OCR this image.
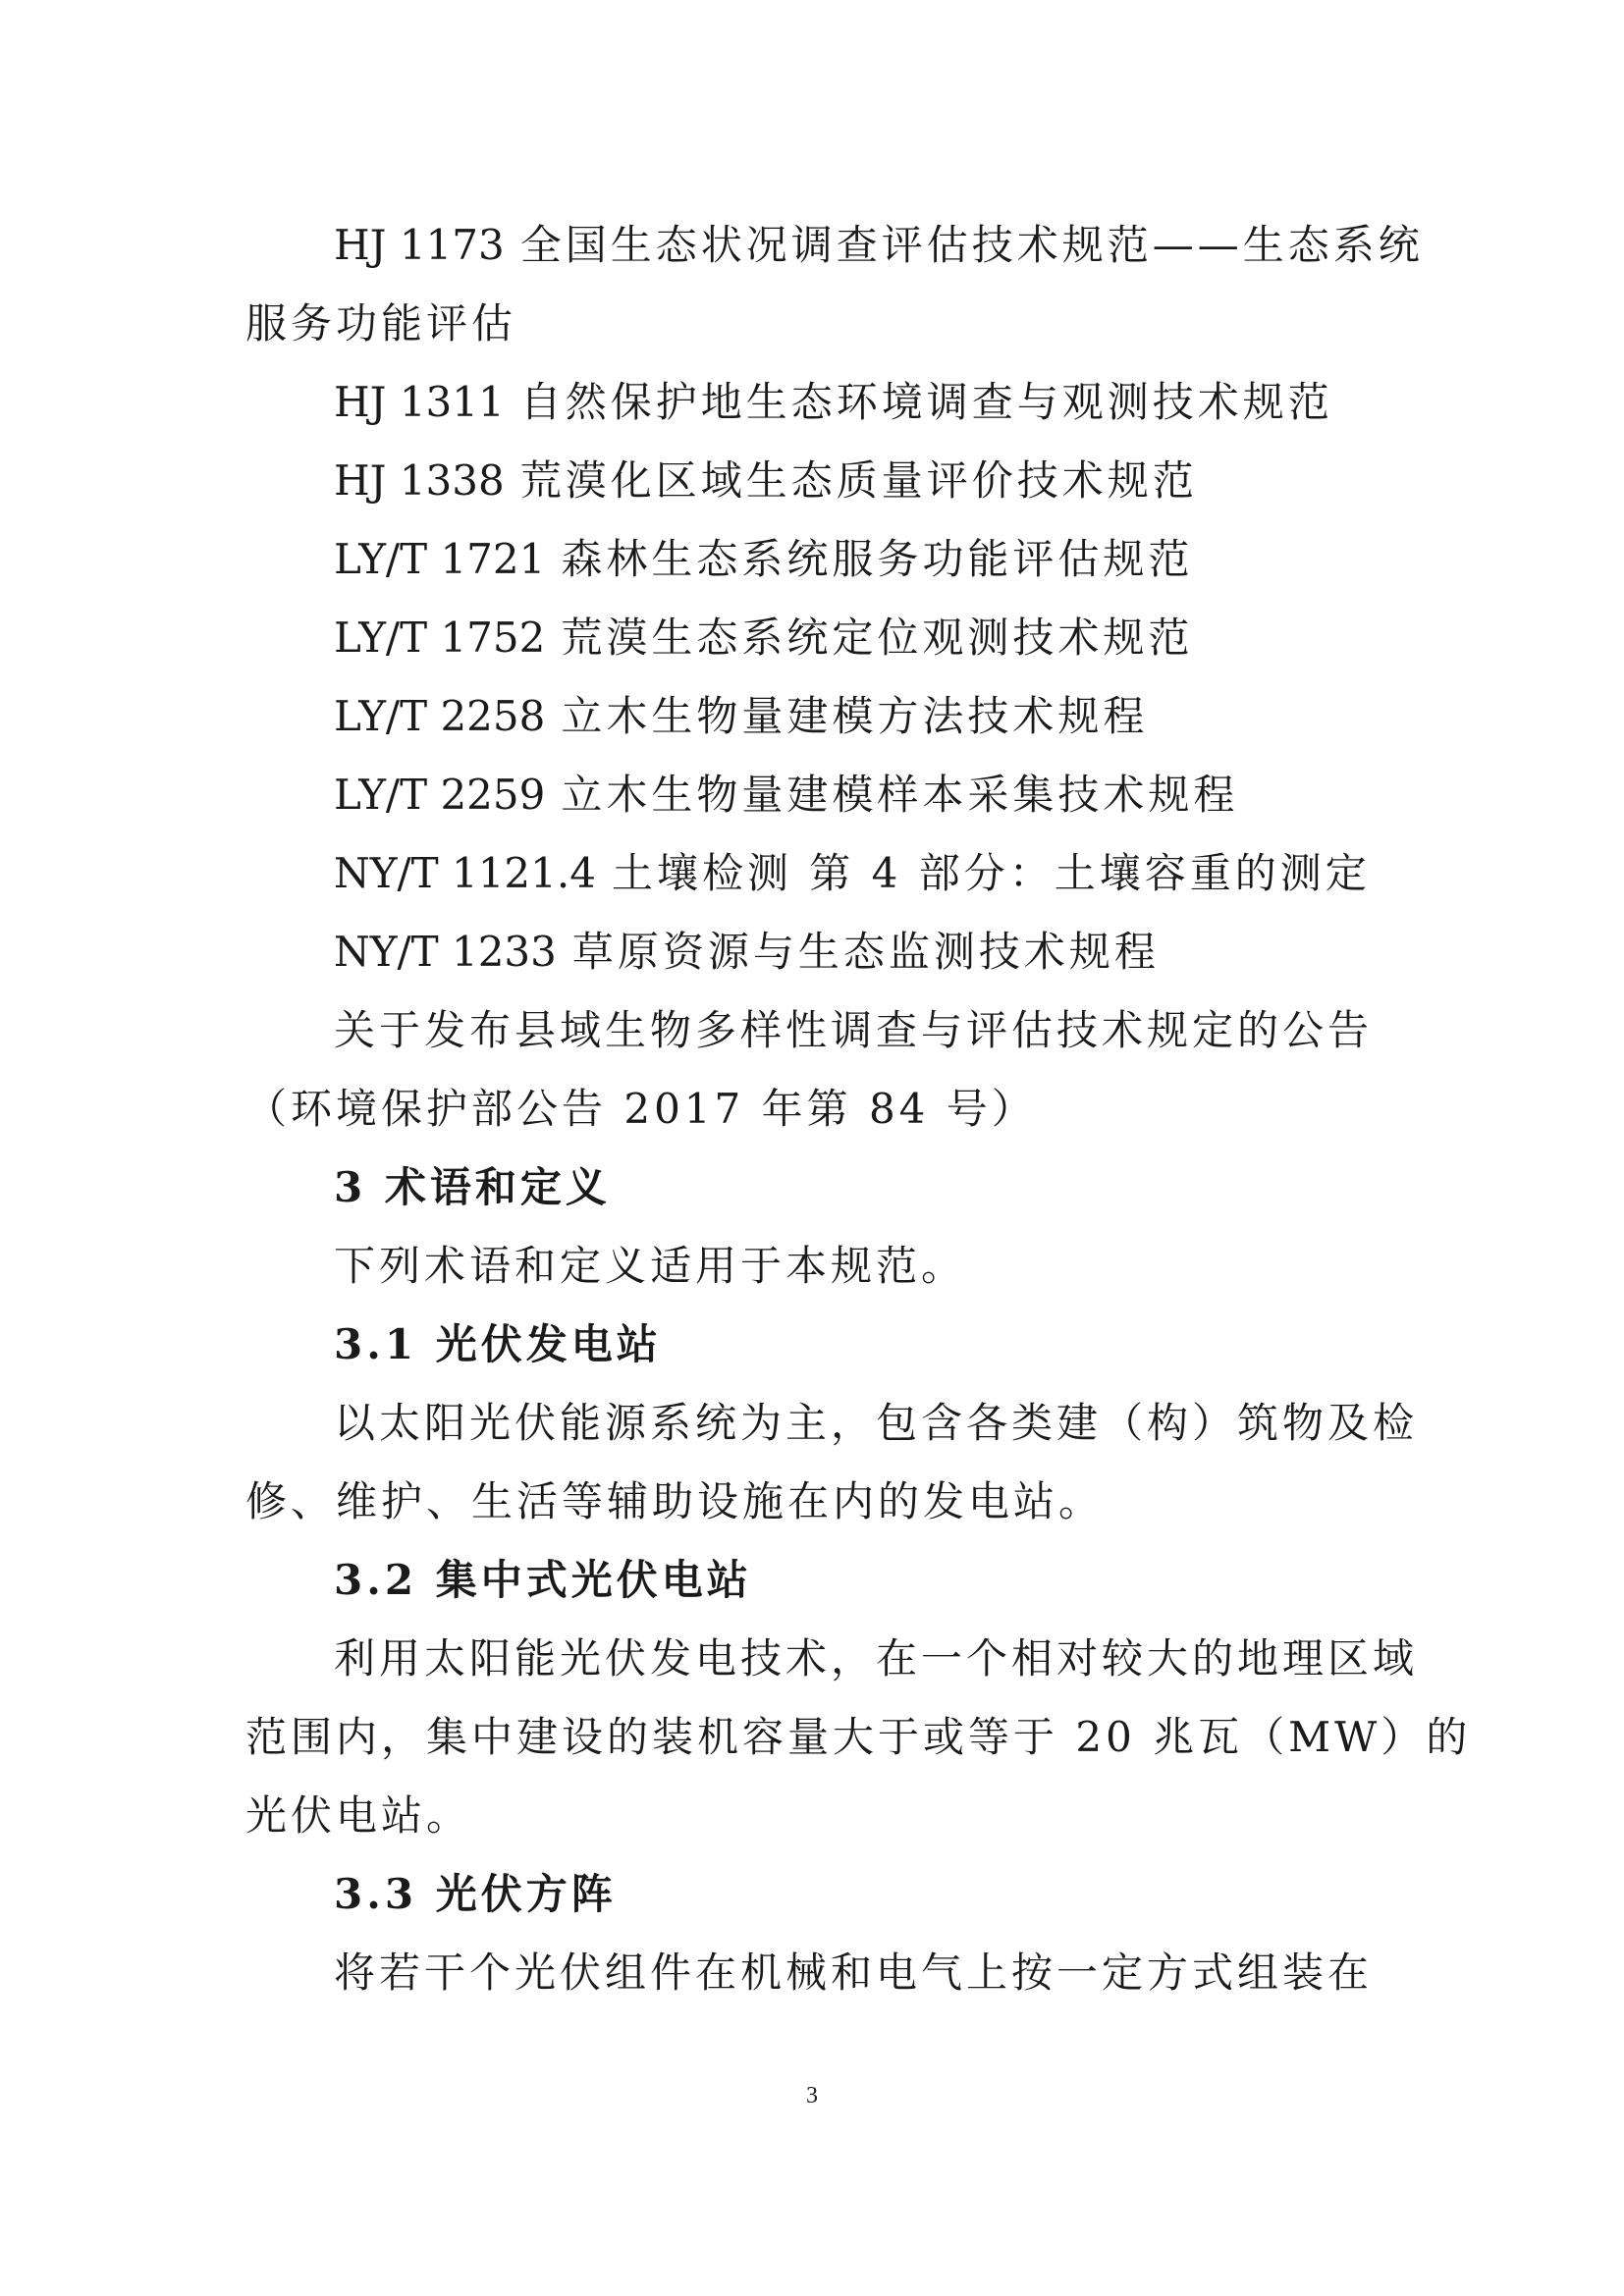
HJ 1173 全国生态状况调查评估技术规范——生态系统
服务功能评估
HJ 1311 自然保护地生态环境调查与观测技术规范
HJ 1338 荒漠化区域生态质量评价技术规范
LY/T 1721 森林生态系统服务功能评估规范
LY/T 1752 荒漠生态系统定位观测技术规范
LY/T 2258 立木生物量建模方法技术规程
LY/T 2259 立木生物量建模样本采集技术规程
NY/T 1121.4 土壤检测 第 4 部分：土壤容重的测定
NY/T 1233 草原资源与生态监测技术规程
关于发布县域生物多样性调查与评估技术规定的公告
（环境保护部公告 2017 年第 84 号）
3 术语和定义
下列术语和定义适用于本规范。
3.1 光伏发电站
以太阳光伏能源系统为主，包含各类建（构）筑物及检
修、维护、生活等辅助设施在内的发电站。
3.2 集中式光伏电站
利用太阳能光伏发电技术，在一个相对较大的地理区域
范围内，集中建设的装机容量大于或等于 20 兆瓦（MW）的
光伏电站。
3.3 光伏方阵
将若干个光伏组件在机械和电气上按一定方式组装在
3
